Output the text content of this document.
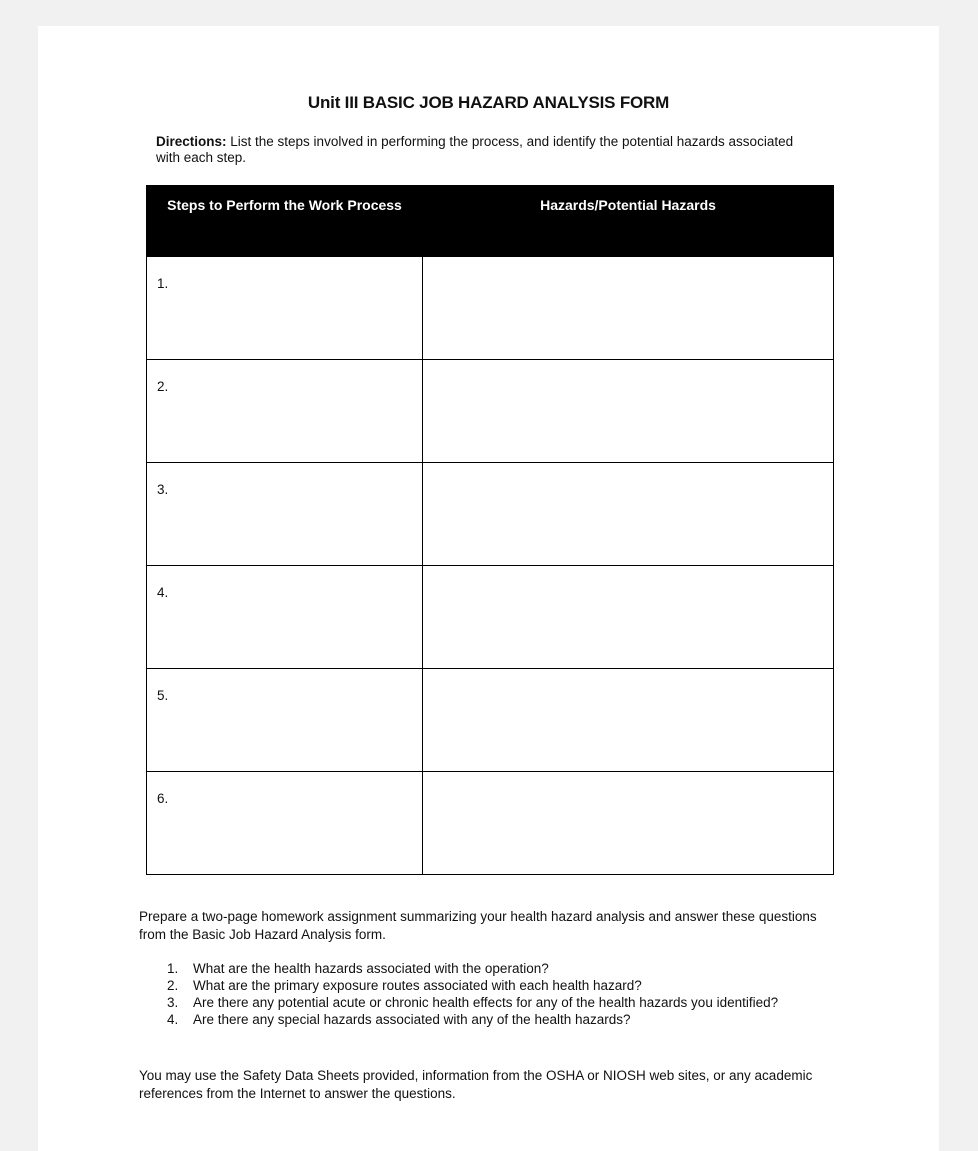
Unit III BASIC JOB HAZARD ANALYSIS FORM
Directions: List the steps involved in performing the process, and identify the potential hazards associated with each step.
Steps to Perform the Work Process	Hazards/Potential Hazards
1.	
2.	
3.	
4.	
5.	
6.	
Prepare a two-page homework assignment summarizing your health hazard analysis and answer these questions from the Basic Job Hazard Analysis form.
1. What are the health hazards associated with the operation?
2. What are the primary exposure routes associated with each health hazard?
3. Are there any potential acute or chronic health effects for any of the health hazards you identified?
4. Are there any special hazards associated with any of the health hazards?
You may use the Safety Data Sheets provided, information from the OSHA or NIOSH web sites, or any academic references from the Internet to answer the questions.
